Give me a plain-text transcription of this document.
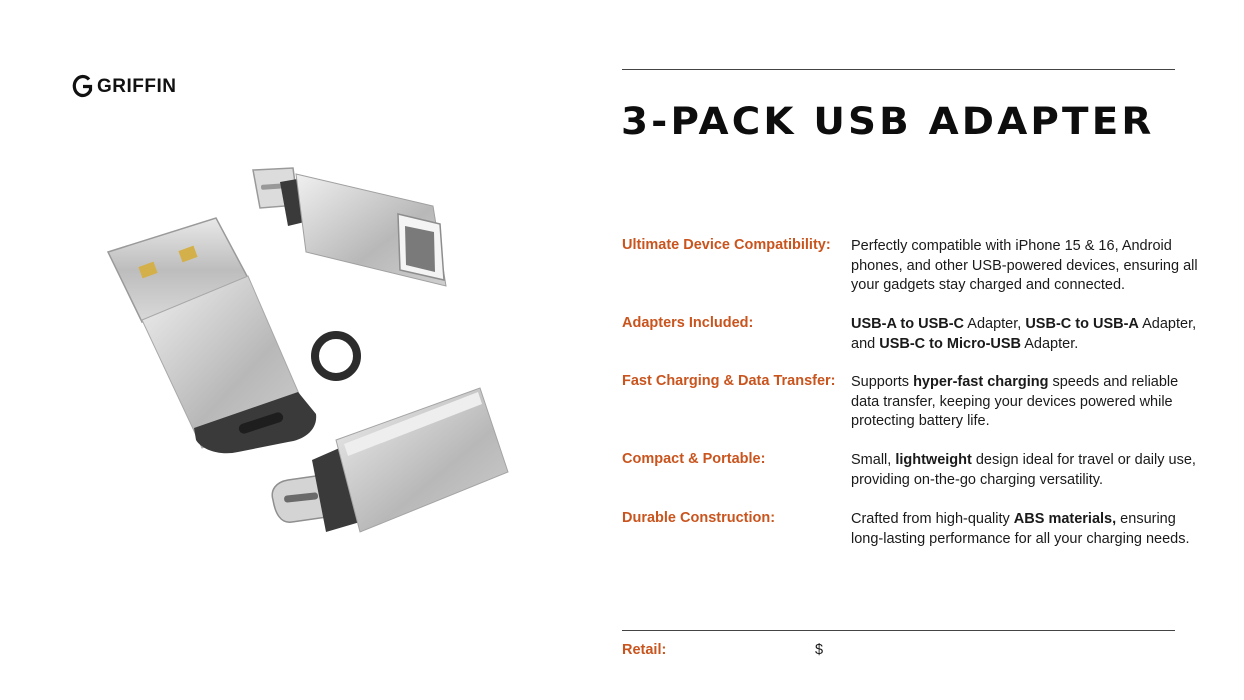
GRIFFIN
3-PACK USB ADAPTER
Ultimate Device Compatibility: Perfectly compatible with iPhone 15 & 16, Android phones, and other USB-powered devices, ensuring all your gadgets stay charged and connected.
Adapters Included:	USB-A to USB-C Adapter, USB-C to USB-A Adapter, and USB-C to Micro-USB Adapter.
Fast Charging & Data Transfer: Supports hyper-fast charging speeds and reliable data transfer, keeping your devices powered while protecting battery life.
Compact & Portable:	Small, lightweight design ideal for travel or daily use, providing on-the-go charging versatility.
Durable Construction:	Crafted from high-quality ABS materials, ensuring long-lasting performance for all your charging needs.
Retail:	$
